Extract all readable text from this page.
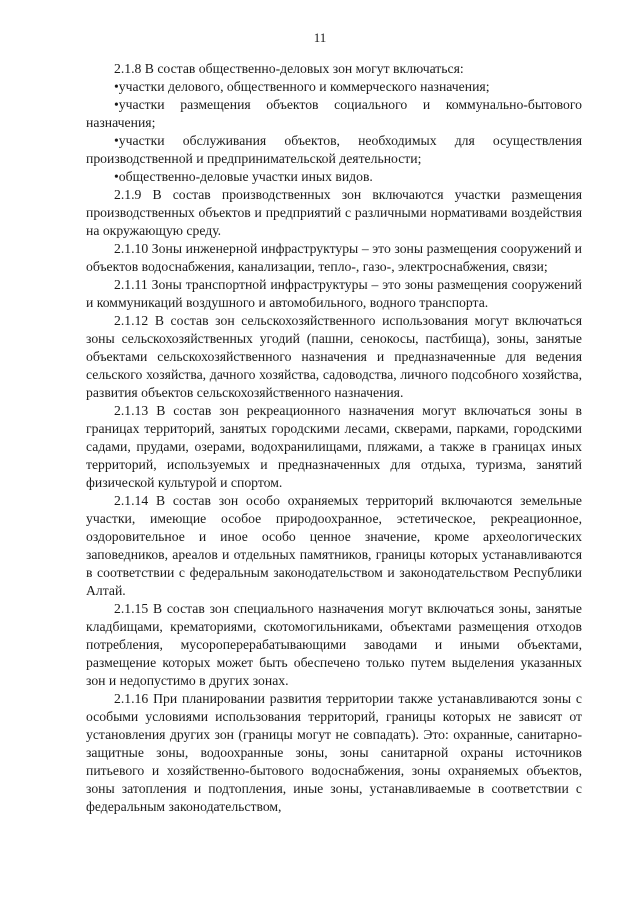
11

2.1.8 В состав общественно-деловых зон могут включаться:

•участки делового, общественного и коммерческого назначения;

•участки размещения объектов социального и коммунально-бытового назначения;

•участки обслуживания объектов, необходимых для осуществления производственной и предпринимательской деятельности;

•общественно-деловые участки иных видов.

2.1.9 В состав производственных зон включаются участки размещения производственных объектов и предприятий с различными нормативами воздействия на окружающую среду.

2.1.10 Зоны инженерной инфраструктуры – это зоны размещения сооружений и объектов водоснабжения, канализации, тепло-, газо-, электроснабжения, связи;

2.1.11 Зоны транспортной инфраструктуры – это зоны размещения сооружений и коммуникаций воздушного и автомобильного, водного транспорта.

2.1.12 В состав зон сельскохозяйственного использования могут включаться зоны сельскохозяйственных угодий (пашни, сенокосы, пастбища), зоны, занятые объектами сельскохозяйственного назначения и предназначенные для ведения сельского хозяйства, дачного хозяйства, садоводства, личного подсобного хозяйства, развития объектов сельскохозяйственного назначения.

2.1.13 В состав зон рекреационного назначения могут включаться зоны в границах территорий, занятых городскими лесами, скверами, парками, городскими садами, прудами, озерами, водохранилищами, пляжами, а также в границах иных территорий, используемых и предназначенных для отдыха, туризма, занятий физической культурой и спортом.

2.1.14 В состав зон особо охраняемых территорий включаются земельные участки, имеющие особое природоохранное, эстетическое, рекреационное, оздоровительное и иное особо ценное значение, кроме археологических заповедников, ареалов и отдельных памятников, границы которых устанавливаются в соответствии с федеральным законодательством и законодательством Республики Алтай.

2.1.15 В состав зон специального назначения могут включаться зоны, занятые кладбищами, крематориями, скотомогильниками, объектами размещения отходов потребления, мусороперерабатывающими заводами и иными объектами, размещение которых может быть обеспечено только путем выделения указанных зон и недопустимо в других зонах.

2.1.16 При планировании развития территории также устанавливаются зоны с особыми условиями использования территорий, границы которых не зависят от установления других зон (границы могут не совпадать). Это: охранные, санитарно-защитные зоны, водоохранные зоны, зоны санитарной охраны источников питьевого и хозяйственно-бытового водоснабжения, зоны охраняемых объектов, зоны затопления и подтопления, иные зоны, устанавливаемые в соответствии с федеральным законодательством,
